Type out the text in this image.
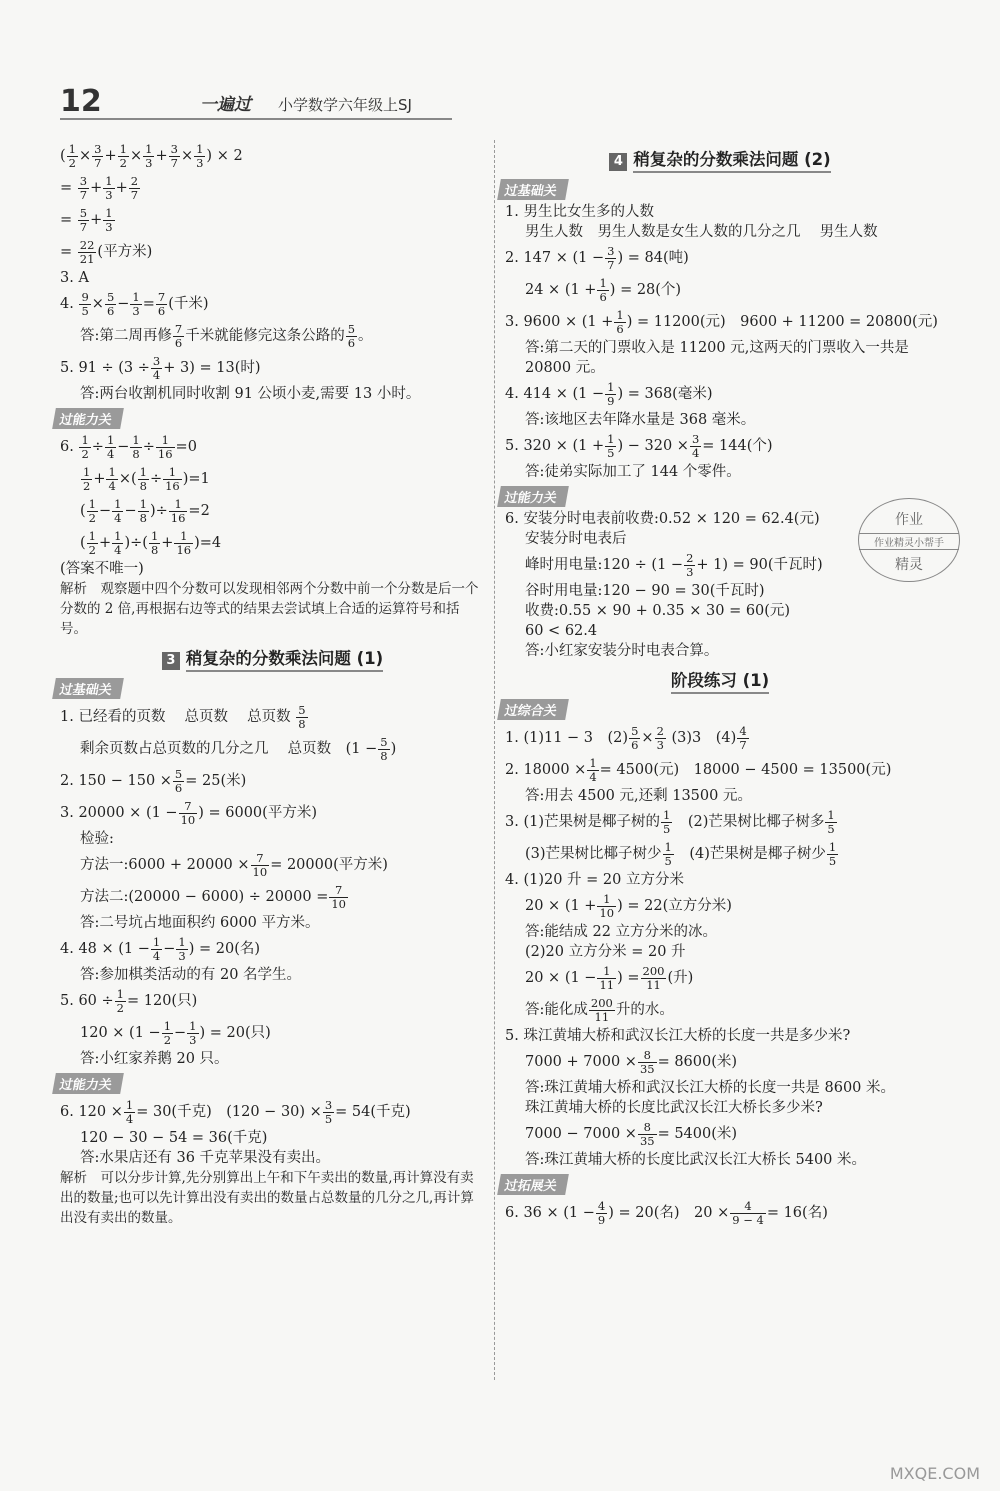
12	一遍过 小学数学六年级上SJ
( $\frac{1}{2} \times \frac{3}{7} + \frac{1}{2} \times \frac{1}{3} + \frac{3}{7} \times \frac{1}{3}$ ) × 2
= $\frac{3}{7} + \frac{1}{3} + \frac{2}{7}$
= $\frac{5}{7} + \frac{1}{3}$
= $\frac{22}{21}$ (平方米)
3. A
4. $\frac{9}{5} \times \frac{5}{6} - \frac{1}{3} = \frac{7}{6}$ (千米)
答:第二周再修 $\frac{7}{6}$ 千米就能修完这条公路的 $\frac{5}{6}$ 。
5. $91 \div (3 \div \frac{3}{4} + 3) = 13$(时)
答:两台收割机同时收割 91 公顷小麦,需要 13 小时。
过能力关
6. $\frac{1}{2} \div \frac{1}{4} - \frac{1}{8} \div \frac{1}{16} =0$
$\frac{1}{2} + \frac{1}{4}$ ×( $\frac{1}{8} \div \frac{1}{16} )=1$
( $\frac{1}{2} - \frac{1}{4} - \frac{1}{8}$ )÷ $\frac{1}{16} =2$
( $\frac{1}{2} + \frac{1}{4}$ )÷( $\frac{1}{8} + \frac{1}{16} )=4$
(答案不唯一)
解析　观察题中四个分数可以发现相邻两个分数中前一个分数是后一个分数的 2 倍,再根据右边等式的结果去尝试填上合适的运算符号和括号。
3 稍复杂的分数乘法问题 (1)
过基础关
1. 已经看的页数　 总页数　 总页数 $\frac{5}{8}$
剩余页数占总页数的几分之几　 总页数　($1 - \frac{5}{8}$ )
2. $150 - 150 \times \frac{5}{6} = 25$(米)
3. $20000 \times (1 - \frac{7}{10}$ ) = 6000(平方米)
检验:
方法一:6000 + $20000 \times \frac{7}{10} = 20000$(平方米)
方法二:(20000 − $6000) \div 20000 = \frac{7}{10}$
答:二号坑占地面积约 6000 平方米。
4. $48 \times (1 - \frac{1}{4} - \frac{1}{3}$ ) = 20(名)
答:参加棋类活动的有 20 名学生。
5. $60 \div \frac{1}{2} = 120$(只)
$120 \times (1 - \frac{1}{2} - \frac{1}{3}$ ) = 20(只)
答:小红家养鹅 20 只。
过能力关
6. $120 \times \frac{1}{4} = 30$(千克)　$(120 - 30) \times \frac{3}{5} = 54$(千克)
120 − 30 − 54 = 36(千克)
答:水果店还有 36 千克苹果没有卖出。
解析　可以分步计算,先分别算出上午和下午卖出的数量,再计算没有卖出的数量;也可以先计算出没有卖出的数量占总数量的几分之几,再计算出没有卖出的数量。
4 稍复杂的分数乘法问题 (2)
过基础关
1. 男生比女生多的人数
男生人数　男生人数是女生人数的几分之几　 男生人数
2. $147 \times (1 - \frac{3}{7}$ ) = 84(吨)
$24 \times (1 + \frac{1}{6}$ ) = 28(个)
3. $9600 \times (1 + \frac{1}{6}$ ) = 11200(元)　9600 + 11200 = 20800(元)
答:第二天的门票收入是 11200 元,这两天的门票收入一共是 20800 元。
4. $414 \times (1 - \frac{1}{9}$ ) = 368(毫米)
答:该地区去年降水量是 368 毫米。
5. $320 \times (1 + \frac{1}{5}$ ) − $320 \times \frac{3}{4} = 144$(个)
答:徒弟实际加工了 144 个零件。
过能力关
6. 安装分时电表前收费:0.52 × 120 = 62.4(元)
安装分时电表后
峰时用电量:120 ÷ $(1 - \frac{2}{3} + 1) = 90$(千瓦时)
谷时用电量:120 − 90 = 30(千瓦时)
收费:0.55 × 90 + 0.35 × 30 = 60(元)
60 < 62.4
答:小红家安装分时电表合算。
阶段练习 (1)
过综合关
1. (1)11 − 3　$(2) \frac{5}{6} \times \frac{2}{3} (3)3$　$(4) \frac{4}{7}$
2. $18000 \times \frac{1}{4} = 4500$(元)　18000 − 4500 = 13500(元)
答:用去 4500 元,还剩 13500 元。
3. (1)芒果树是椰子树的 $\frac{1}{5}$
　 (2)芒果树比椰子树多 $\frac{1}{5}$
(3)芒果树比椰子树少 $\frac{1}{5}$
　 (4)芒果树是椰子树少 $\frac{1}{5}$
4. (1)20 升 = 20 立方分米
$20 \times (1 + \frac{1}{10}$ ) = 22(立方分米)
答:能结成 22 立方分米的冰。
(2)20 立方分米 = 20 升
$20 \times (1 - \frac{1}{11}$ ) = $\frac{200}{11}$ (升)
答:能化成 $\frac{200}{11}$ 升的水。
5. 珠江黄埔大桥和武汉长江大桥的长度一共是多少米?
$7000 + 7000 \times \frac{8}{35} = 8600$(米)
答:珠江黄埔大桥和武汉长江大桥的长度一共是 8600 米。
珠江黄埔大桥的长度比武汉长江大桥长多少米?
$7000 - 7000 \times \frac{8}{35} = 5400$(米)
答:珠江黄埔大桥的长度比武汉长江大桥长 5400 米。
过拓展关
6. $36 \times (1 - \frac{4}{9}$ ) = 20(名)　$20 \times \frac{4}{9 - 4} = 16$(名)
作业
作业精灵小帮手
精灵
MXQE.COM
